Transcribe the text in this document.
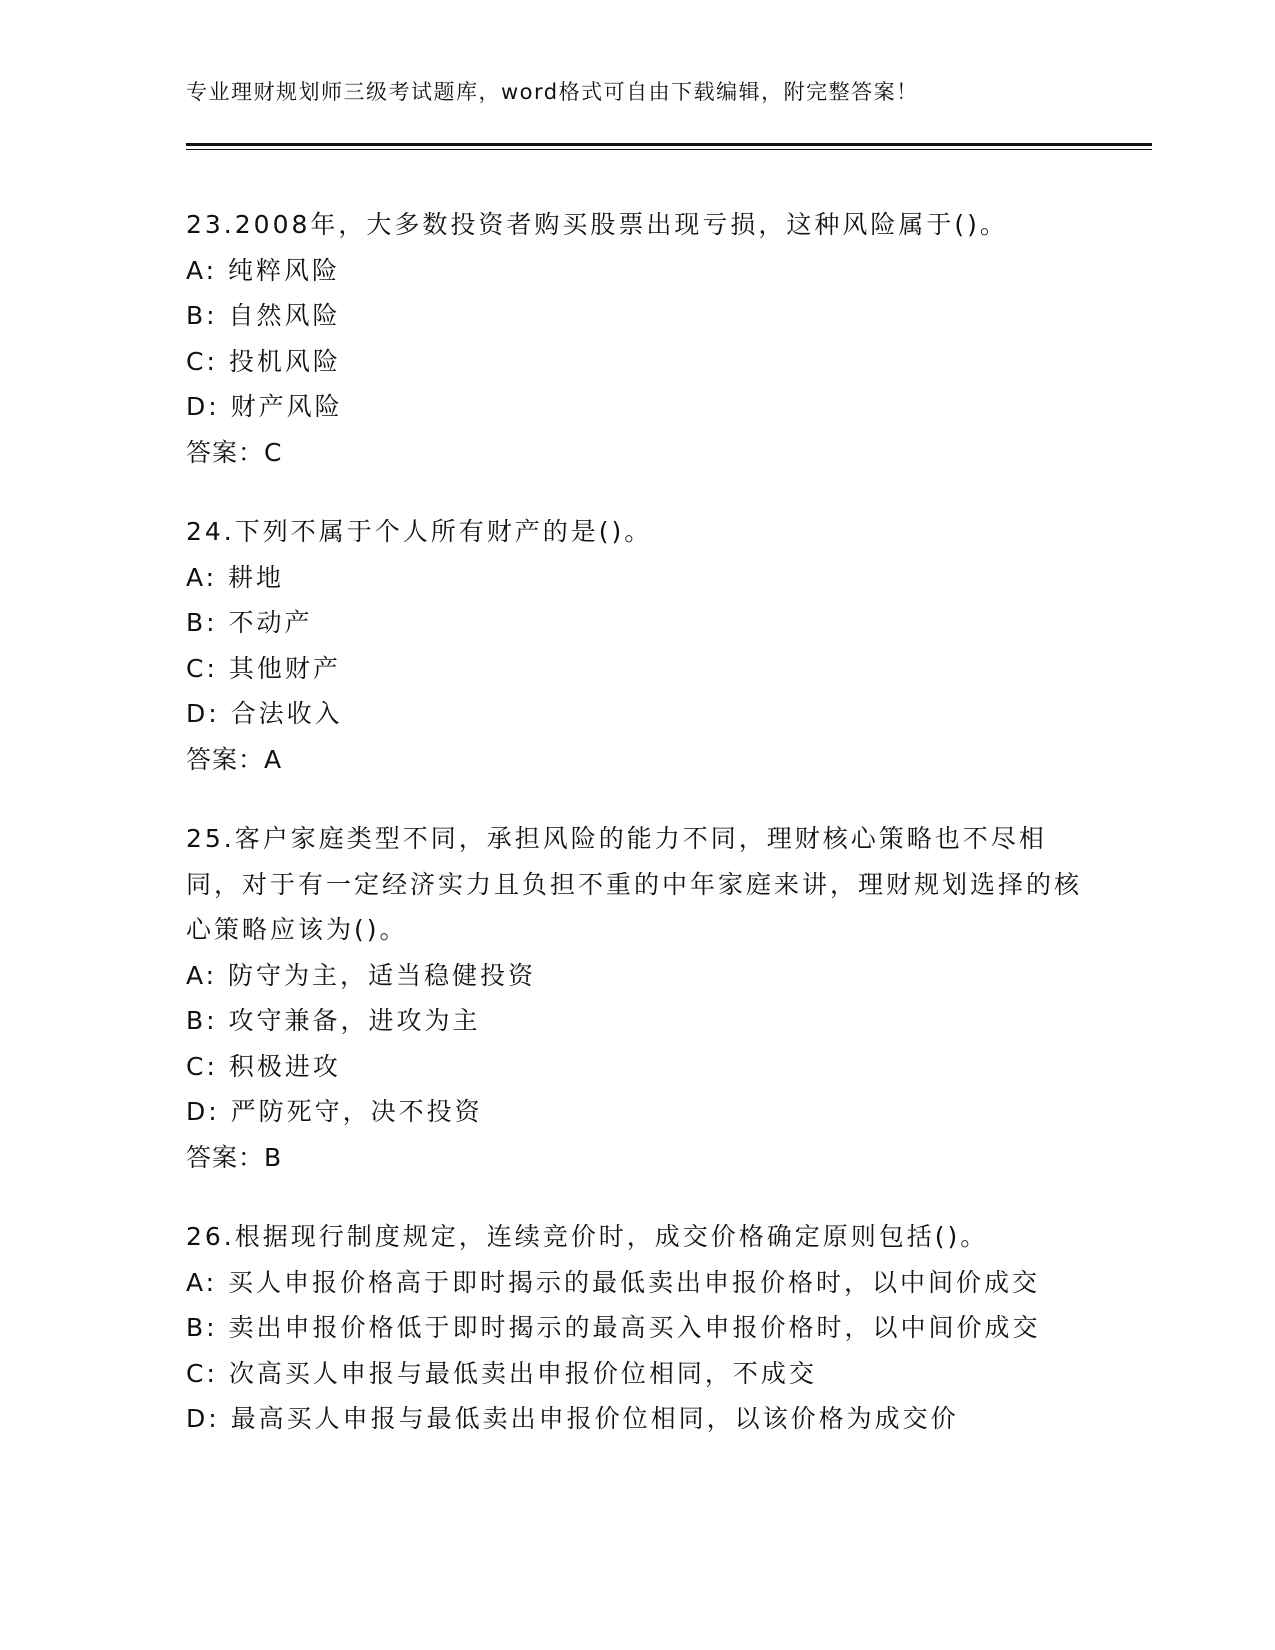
专业理财规划师三级考试题库，word格式可自由下载编辑，附完整答案！
23.2008年，大多数投资者购买股票出现亏损，这种风险属于()。
A: 纯粹风险
B: 自然风险
C: 投机风险
D: 财产风险
答案：C
24.下列不属于个人所有财产的是()。
A: 耕地
B: 不动产
C: 其他财产
D: 合法收入
答案：A
25.客户家庭类型不同，承担风险的能力不同，理财核心策略也不尽相同，对于有一定经济实力且负担不重的中年家庭来讲，理财规划选择的核心策略应该为()。
A: 防守为主，适当稳健投资
B: 攻守兼备，进攻为主
C: 积极进攻
D: 严防死守，决不投资
答案：B
26.根据现行制度规定，连续竞价时，成交价格确定原则包括()。
A: 买人申报价格高于即时揭示的最低卖出申报价格时，以中间价成交
B: 卖出申报价格低于即时揭示的最高买入申报价格时，以中间价成交
C: 次高买人申报与最低卖出申报价位相同，不成交
D: 最高买人申报与最低卖出申报价位相同，以该价格为成交价
